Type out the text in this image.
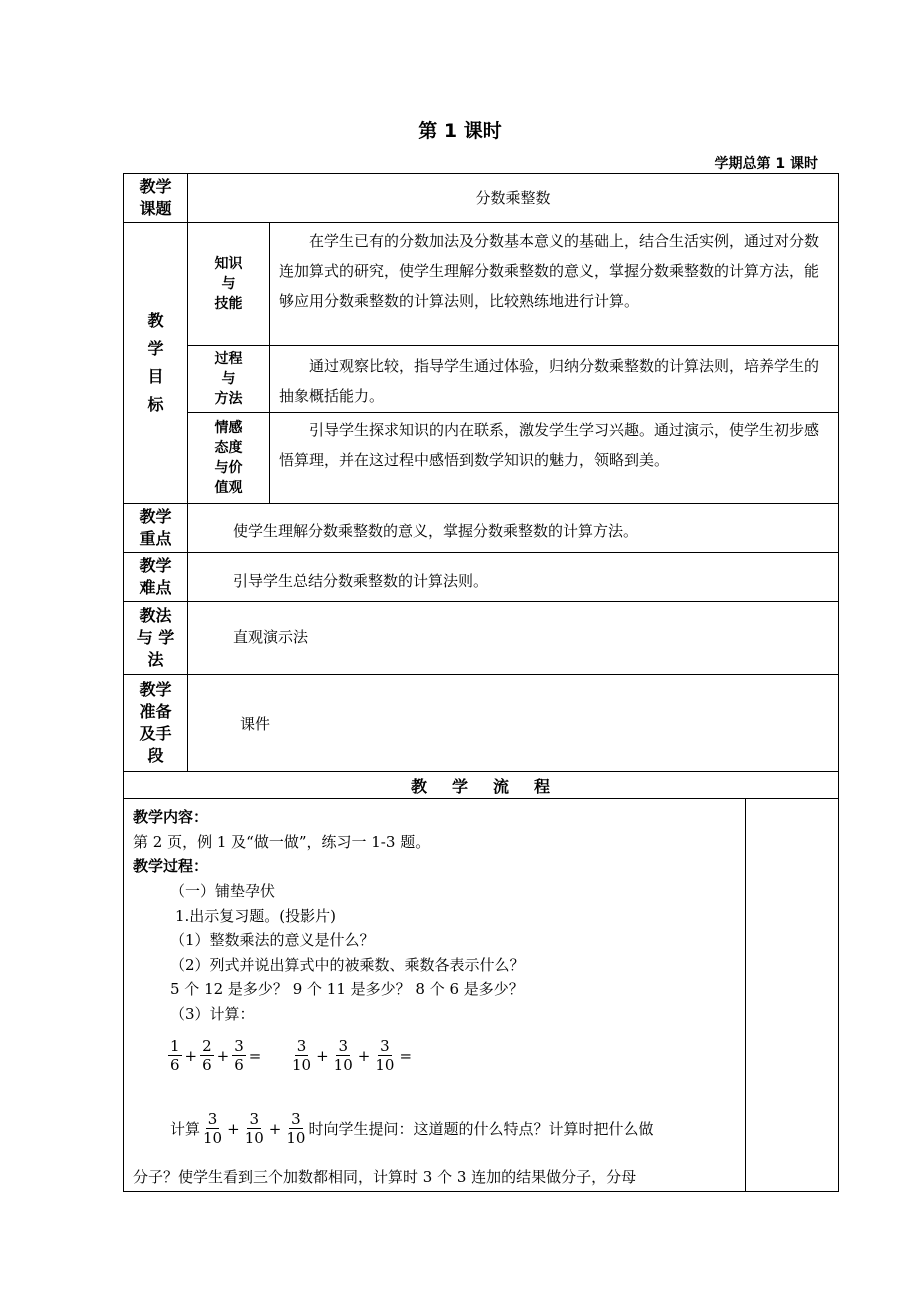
第 1 课时
学期总第 1 课时
教学
课题
分数乘整数
教
学
目
标
知识
与
技能
在学生已有的分数加法及分数基本意义的基础上，结合生活实例，通过对分数连加算式的研究，使学生理解分数乘整数的意义，掌握分数乘整数的计算方法，能够应用分数乘整数的计算法则，比较熟练地进行计算。
过程
与
方法
通过观察比较，指导学生通过体验，归纳分数乘整数的计算法则，培养学生的抽象概括能力。
情感
态度
与价
值观
引导学生探求知识的内在联系，激发学生学习兴趣。通过演示，使学生初步感悟算理，并在这过程中感悟到数学知识的魅力，领略到美。
教学
重点	使学生理解分数乘整数的意义，掌握分数乘整数的计算方法。
教学
难点	引导学生总结分数乘整数的计算法则。
教法
与 学
法
直观演示法
教学
准备
及手
段
课件
教 学 流 程
教学内容：
第 2 页，例 1 及“做一做”，练习一 1-3 题。
教学过程：
（一）铺垫孕伏
1.出示复习题。(投影片)
（1）整数乘法的意义是什么？
（2）列式并说出算式中的被乘数、乘数各表示什么？
5 个 12 是多少？ 9 个 11 是多少？ 8 个 6 是多少？
（3）计算：
$\frac{1}{6} + \frac{2}{6} + \frac{3}{6} = \frac{3}{10} + \frac{3}{10} + \frac{3}{10}$ =
计算 $\frac{3}{10} + \frac{3}{10} + \frac{3}{10}$ 时向学生提问：这道题的什么特点？计算时把什么做
分子？使学生看到三个加数都相同，计算时 3 个 3 连加的结果做分子，分母
